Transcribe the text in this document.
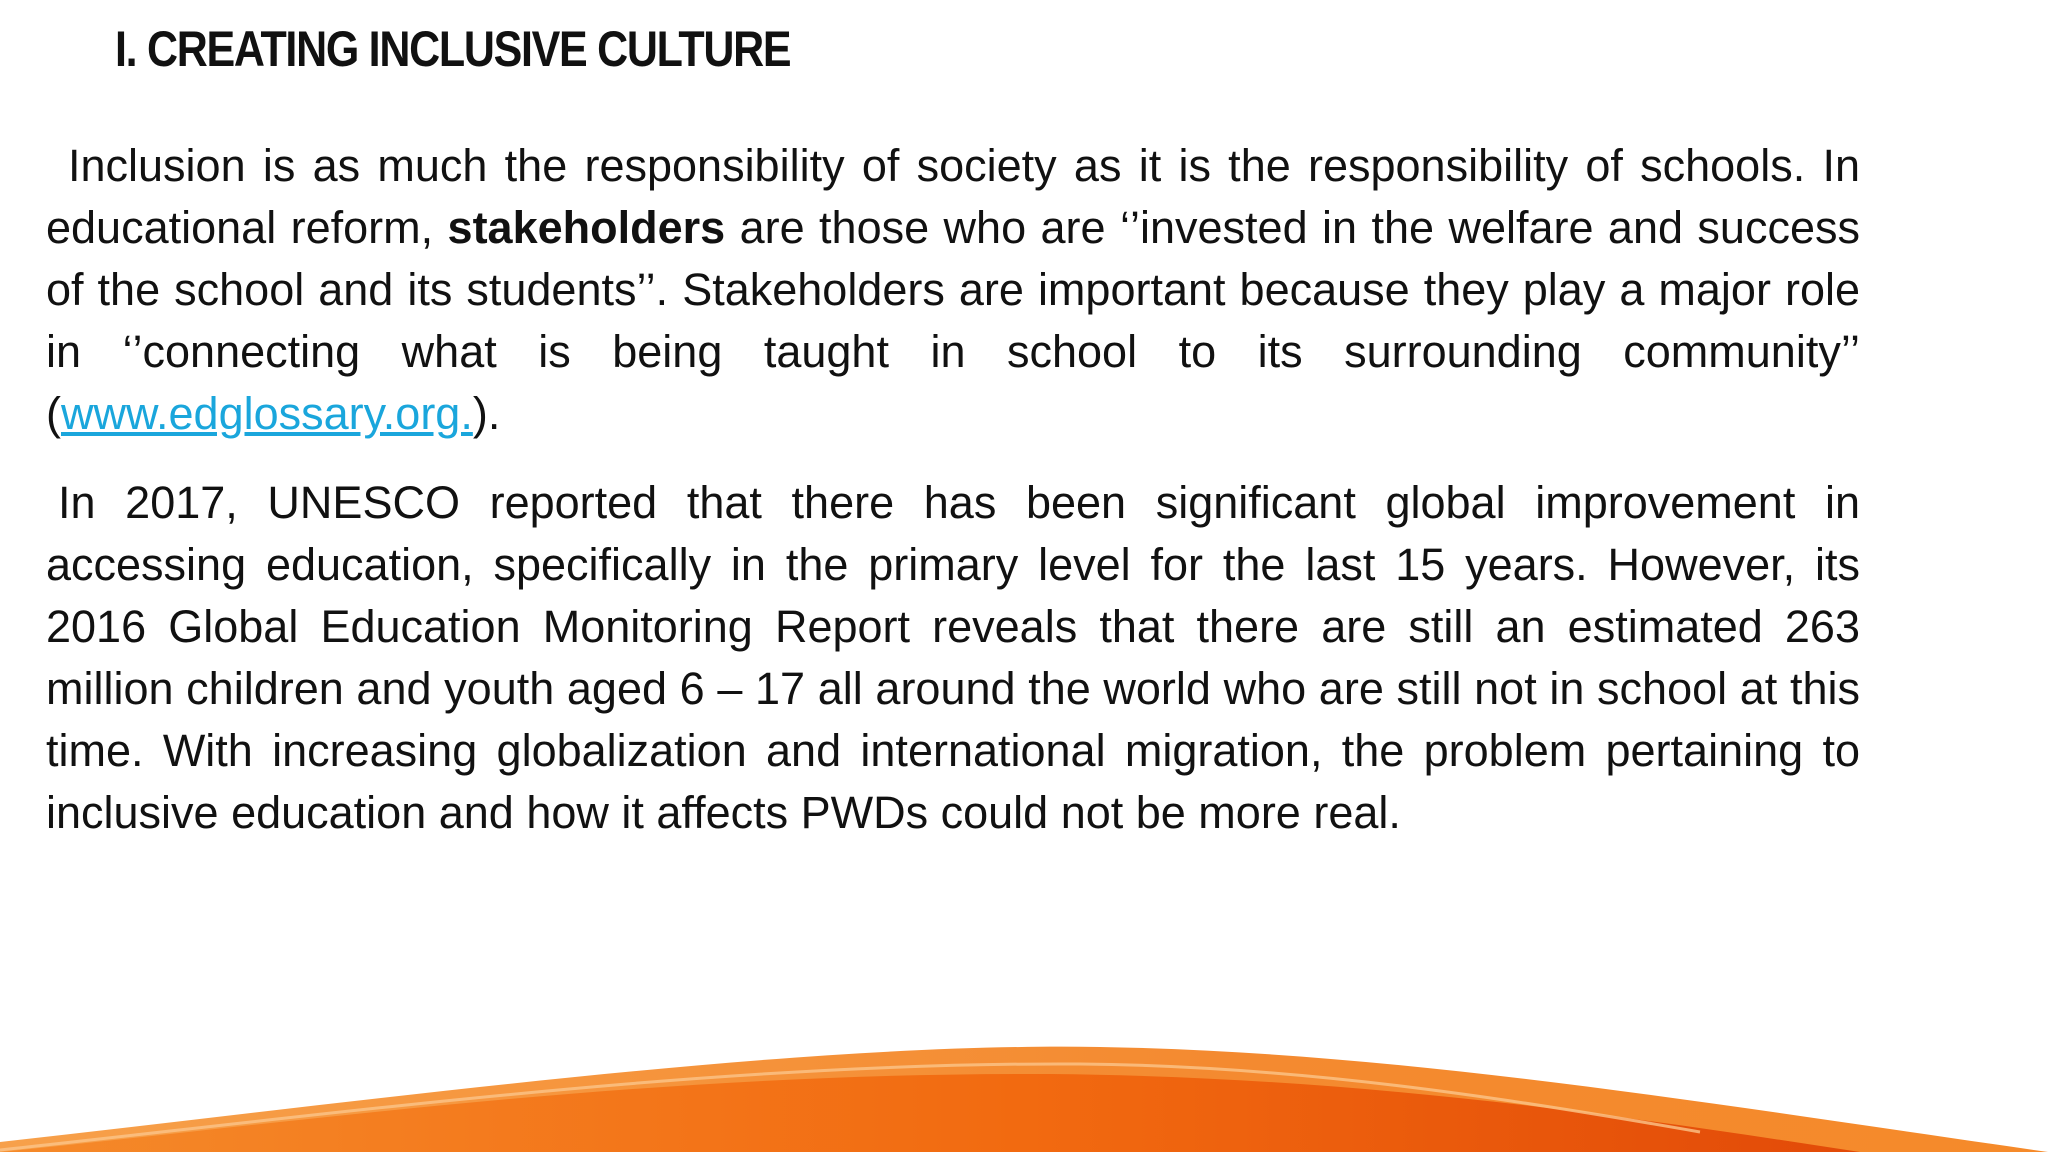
I. CREATING INCLUSIVE CULTURE

Inclusion is as much the responsibility of society as it is the responsibility of schools. In educational reform, stakeholders are those who are ‘’invested in the welfare and success of the school and its students’’. Stakeholders are important because they play a major role in ‘’connecting what is being taught in school to its surrounding community’’ (www.edglossary.org.).

In 2017, UNESCO reported that there has been significant global improvement in accessing education, specifically in the primary level for the last 15 years. However, its 2016 Global Education Monitoring Report reveals that there are still an estimated 263 million children and youth aged 6 – 17 all around the world who are still not in school at this time. With increasing globalization and international migration, the problem pertaining to inclusive education and how it affects PWDs could not be more real.
